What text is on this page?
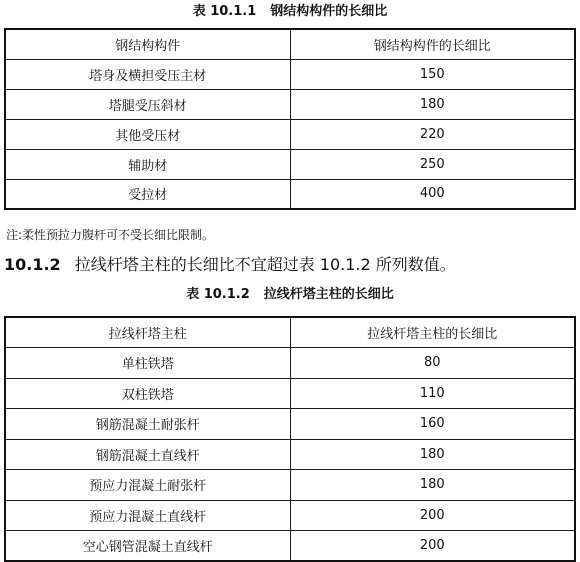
表 10.1.1 钢结构构件的长细比
钢结构构件	钢结构构件的长细比
塔身及横担受压主材	150
塔腿受压斜材	180
其他受压材	220
辅助材	250
受拉材	400
注:柔性预拉力腹杆可不受长细比限制。
10.1.2 拉线杆塔主柱的长细比不宜超过表 10.1.2 所列数值。
表 10.1.2 拉线杆塔主柱的长细比
拉线杆塔主柱	拉线杆塔主柱的长细比
单柱铁塔	80
双柱铁塔	110
钢筋混凝土耐张杆	160
钢筋混凝土直线杆	180
预应力混凝土耐张杆	180
预应力混凝土直线杆	200
空心钢管混凝土直线杆	200
